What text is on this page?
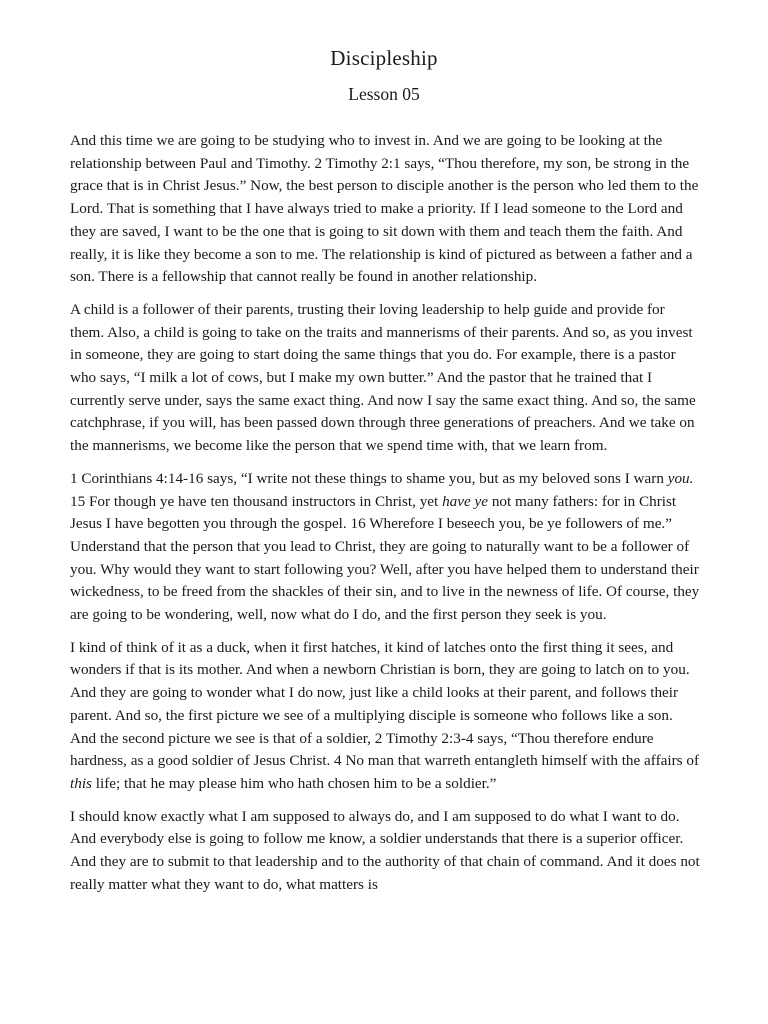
Discipleship
Lesson 05

And this time we are going to be studying who to invest in. And we are going to be looking at the relationship between Paul and Timothy. 2 Timothy 2:1 says, “Thou therefore, my son, be strong in the grace that is in Christ Jesus.” Now, the best person to disciple another is the person who led them to the Lord. That is something that I have always tried to make a priority. If I lead someone to the Lord and they are saved, I want to be the one that is going to sit down with them and teach them the faith. And really, it is like they become a son to me. The relationship is kind of pictured as between a father and a son. There is a fellowship that cannot really be found in another relationship.

A child is a follower of their parents, trusting their loving leadership to help guide and provide for them. Also, a child is going to take on the traits and mannerisms of their parents. And so, as you invest in someone, they are going to start doing the same things that you do. For example, there is a pastor who says, “I milk a lot of cows, but I make my own butter.” And the pastor that he trained that I currently serve under, says the same exact thing. And now I say the same exact thing. And so, the same catchphrase, if you will, has been passed down through three generations of preachers. And we take on the mannerisms, we become like the person that we spend time with, that we learn from.

1 Corinthians 4:14-16 says, “I write not these things to shame you, but as my beloved sons I warn you. 15 For though ye have ten thousand instructors in Christ, yet have ye not many fathers: for in Christ Jesus I have begotten you through the gospel. 16 Wherefore I beseech you, be ye followers of me.” Understand that the person that you lead to Christ, they are going to naturally want to be a follower of you. Why would they want to start following you? Well, after you have helped them to understand their wickedness, to be freed from the shackles of their sin, and to live in the newness of life. Of course, they are going to be wondering, well, now what do I do, and the first person they seek is you.

I kind of think of it as a duck, when it first hatches, it kind of latches onto the first thing it sees, and wonders if that is its mother. And when a newborn Christian is born, they are going to latch on to you. And they are going to wonder what I do now, just like a child looks at their parent, and follows their parent. And so, the first picture we see of a multiplying disciple is someone who follows like a son. And the second picture we see is that of a soldier, 2 Timothy 2:3-4 says, “Thou therefore endure hardness, as a good soldier of Jesus Christ. 4 No man that warreth entangleth himself with the affairs of this life; that he may please him who hath chosen him to be a soldier.”

I should know exactly what I am supposed to always do, and I am supposed to do what I want to do. And everybody else is going to follow me know, a soldier understands that there is a superior officer. And they are to submit to that leadership and to the authority of that chain of command. And it does not really matter what they want to do, what matters is
